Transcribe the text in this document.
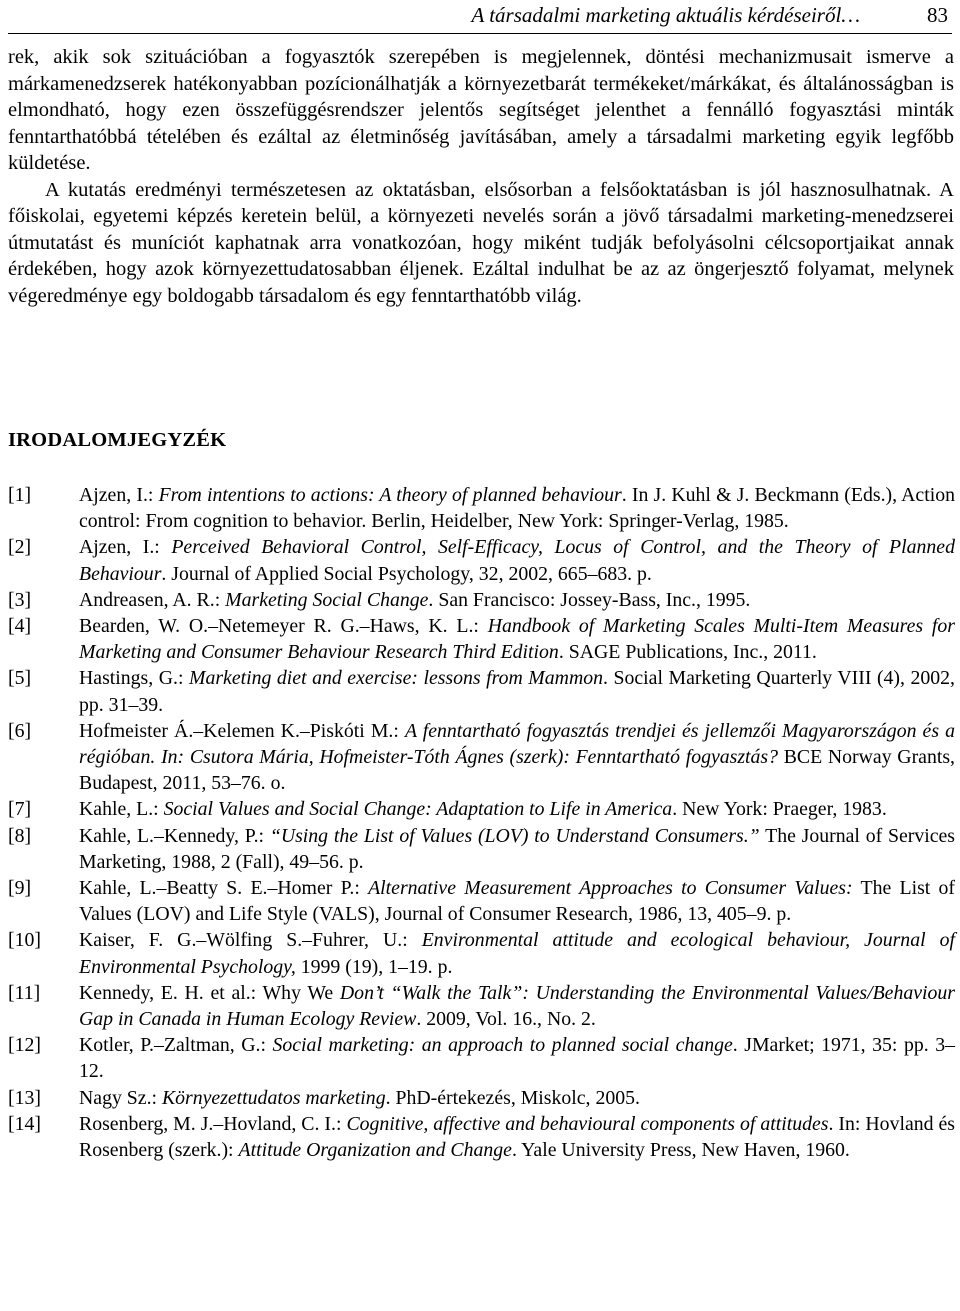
A társadalmi marketing aktuális kérdéseiről…	83

rek, akik sok szituációban a fogyasztók szerepében is megjelennek, döntési mechanizmusait ismerve a márkamenedzserek hatékonyabban pozícionálhatják a környezetbarát termékeket/márkákat, és általánosságban is elmondható, hogy ezen összefüggésrendszer jelentős segítséget jelenthet a fennálló fogyasztási minták fenntarthatóbbá tételében és ezáltal az életminőség javításában, amely a társadalmi marketing egyik legfőbb küldetése.

A kutatás eredményi természetesen az oktatásban, elsősorban a felsőoktatásban is jól hasznosulhatnak. A főiskolai, egyetemi képzés keretein belül, a környezeti nevelés során a jövő társadalmi marketing-menedzserei útmutatást és muníciót kaphatnak arra vonatkozóan, hogy miként tudják befolyásolni célcsoportjaikat annak érdekében, hogy azok környezettudatosabban éljenek. Ezáltal indulhat be az az öngerjesztő folyamat, melynek végeredménye egy boldogabb társadalom és egy fenntarthatóbb világ.

IRODALOMJEGYZÉK
[1]	Ajzen, I.: From intentions to actions: A theory of planned behaviour. In J. Kuhl & J. Beckmann (Eds.), Action control: From cognition to behavior. Berlin, Heidelber, New York: Springer-Verlag, 1985.
[2]	Ajzen, I.: Perceived Behavioral Control, Self-Efficacy, Locus of Control, and the Theory of Planned Behaviour. Journal of Applied Social Psychology, 32, 2002, 665–683. p.
[3]	Andreasen, A. R.: Marketing Social Change. San Francisco: Jossey-Bass, Inc., 1995.
[4]	Bearden, W. O.–Netemeyer R. G.–Haws, K. L.: Handbook of Marketing Scales Multi-Item Measures for Marketing and Consumer Behaviour Research Third Edition. SAGE Publications, Inc., 2011.
[5]	Hastings, G.: Marketing diet and exercise: lessons from Mammon. Social Marketing Quarterly VIII (4), 2002, pp. 31–39.
[6]	Hofmeister Á.–Kelemen K.–Piskóti M.: A fenntartható fogyasztás trendjei és jellemzői Magyarországon és a régióban. In: Csutora Mária, Hofmeister-Tóth Ágnes (szerk): Fenntartható fogyasztás? BCE Norway Grants, Budapest, 2011, 53–76. o.
[7]	Kahle, L.: Social Values and Social Change: Adaptation to Life in America. New York: Praeger, 1983.
[8]	Kahle, L.–Kennedy, P.: “Using the List of Values (LOV) to Understand Consumers.” The Journal of Services Marketing, 1988, 2 (Fall), 49–56. p.
[9]	Kahle, L.–Beatty S. E.–Homer P.: Alternative Measurement Approaches to Consumer Values: The List of Values (LOV) and Life Style (VALS), Journal of Consumer Research, 1986, 13, 405–9. p.
[10]	Kaiser, F. G.–Wölfing S.–Fuhrer, U.: Environmental attitude and ecological behaviour, Journal of Environmental Psychology, 1999 (19), 1–19. p.
[11]	Kennedy, E. H. et al.: Why We Don’t “Walk the Talk”: Understanding the Environmental Values/Behaviour Gap in Canada in Human Ecology Review. 2009, Vol. 16., No. 2.
[12]	Kotler, P.–Zaltman, G.: Social marketing: an approach to planned social change. JMarket; 1971, 35: pp. 3–12.
[13]	Nagy Sz.: Környezettudatos marketing. PhD-értekezés, Miskolc, 2005.
[14]	Rosenberg, M. J.–Hovland, C. I.: Cognitive, affective and behavioural components of attitudes. In: Hovland és Rosenberg (szerk.): Attitude Organization and Change. Yale University Press, New Haven, 1960.
